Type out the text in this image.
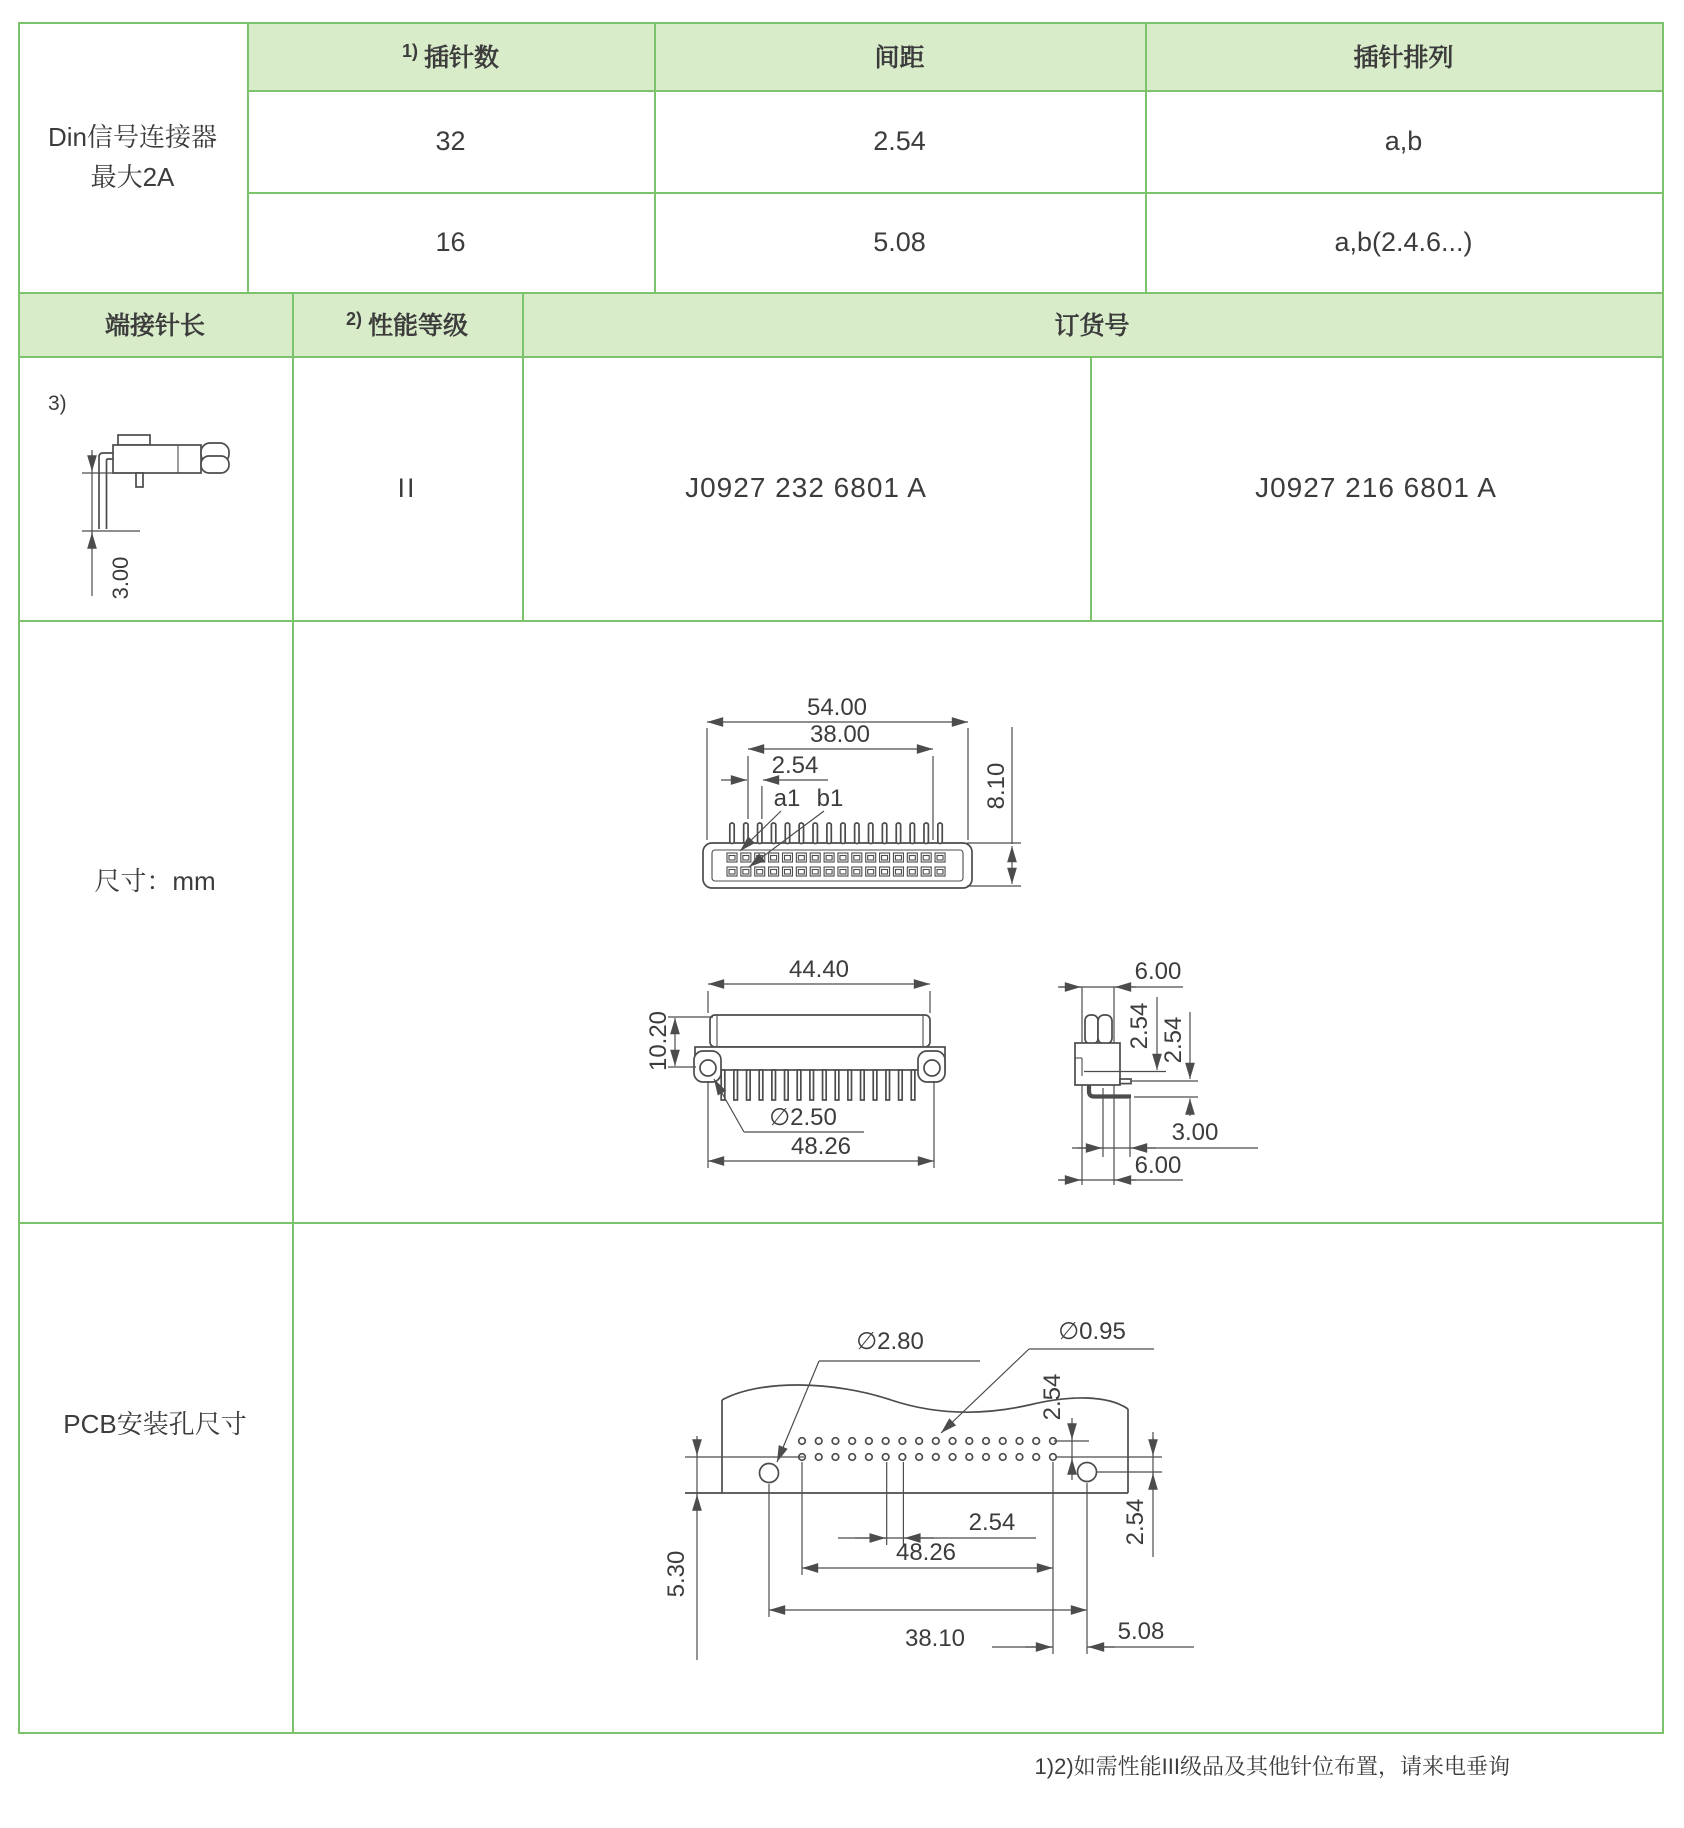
Din信号连接器
最大2A
1) 插针数	间距	插针排列
32	2.54	a,b
16	5.08	a,b(2.4.6...)
端接针长	2) 性能等级	订货号
3)
II	J0927 232 6801 A	J0927 216 6801 A
尺寸：mm
PCB安装孔尺寸
3.00
54.00
38.00
2.54
a1 b1	8.10
44.40
10.20
∅2.50
48.26
6.00
2.54 2.54
3.00
6.00
∅2.80	∅0.95
2.54
2.54
5.30
2.54
48.26
38.10	5.08
1)2)如需性能III级品及其他针位布置，请来电垂询
